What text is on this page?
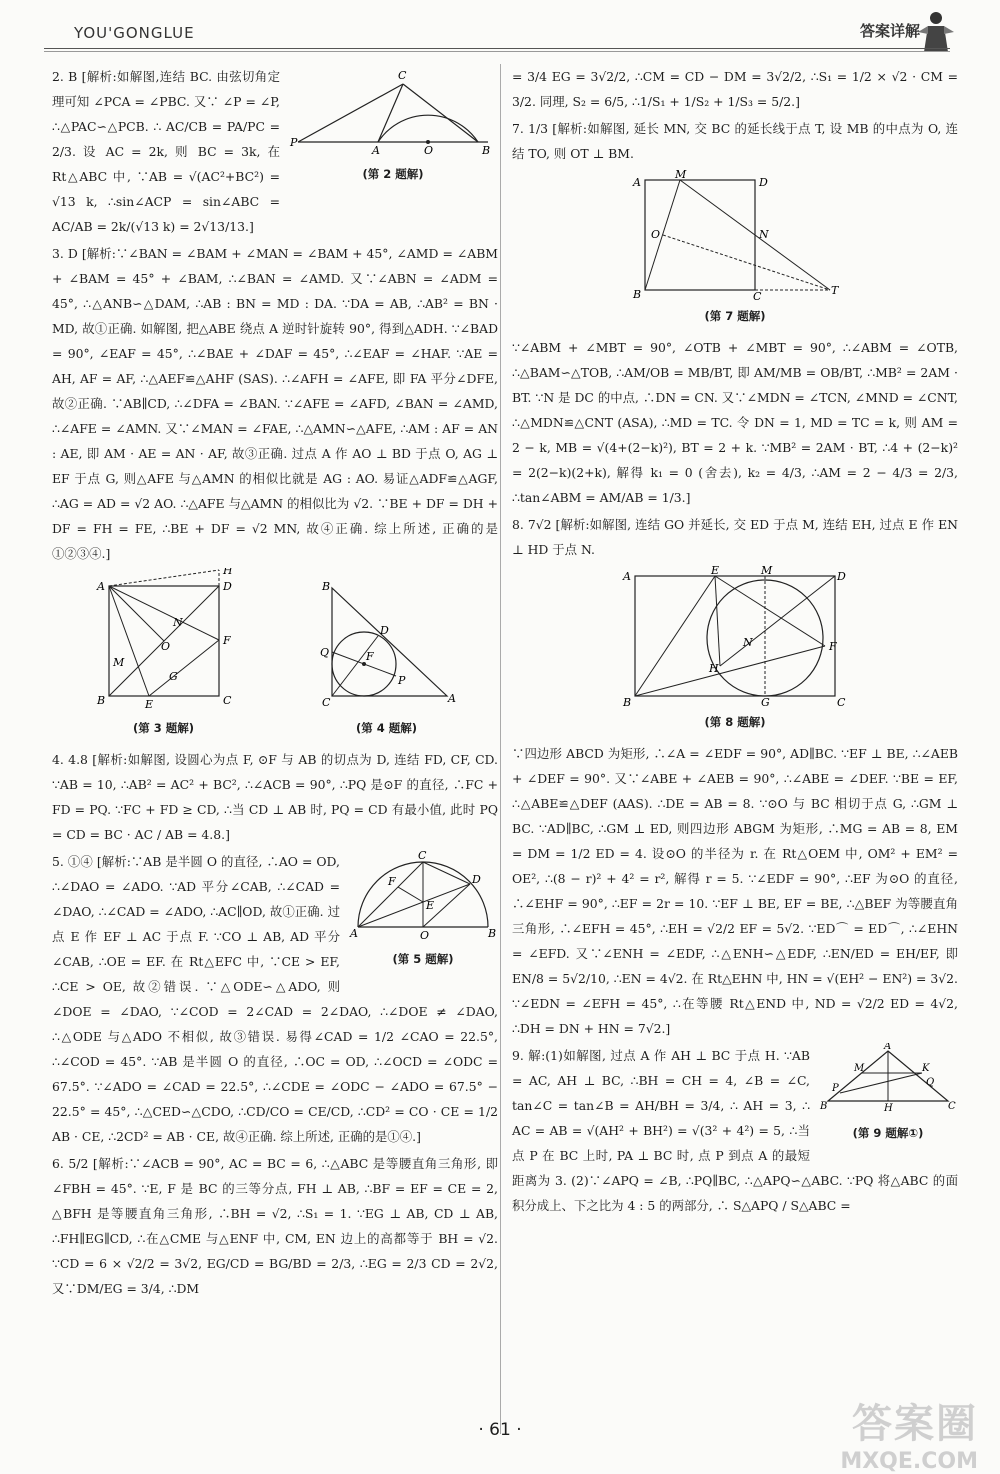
YOU'GONGLUE	答案详解
P
A	O	B
C
(第 2 题解)

2. B [解析:如解图,连结 BC. 由弦切角定理可知 ∠PCA = ∠PBC. 又∵ ∠P = ∠P, ∴△PAC∽△PCB. ∴ AC/CB = PA/PC = 2/3. 设 AC = 2k, 则 BC = 3k, 在 Rt△ABC 中, ∵AB = √(AC²+BC²) = √13 k, ∴sin∠ACP = sin∠ABC = AC/AB = 2k/(√13 k) = 2√13/13.]

3. D [解析:∵∠BAN = ∠BAM + ∠MAN = ∠BAM + 45°, ∠AMD = ∠ABM + ∠BAM = 45° + ∠BAM, ∴∠BAN = ∠AMD. 又∵∠ABN = ∠ADM = 45°, ∴△ANB∽△DAM, ∴AB : BN = MD : DA. ∵DA = AB, ∴AB² = BN · MD, 故①正确. 如解图, 把△ABE 绕点 A 逆时针旋转 90°, 得到△ADH. ∵∠BAD = 90°, ∠EAF = 45°, ∴∠BAE + ∠DAF = 45°, ∴∠EAF = ∠HAF. ∵AE = AH, AF = AF, ∴△AEF≌△AHF (SAS). ∴∠AFH = ∠AFE, 即 FA 平分∠DFE, 故②正确. ∵AB∥CD, ∴∠DFA = ∠BAN. ∵∠AFE = ∠AFD, ∠BAN = ∠AMD, ∴∠AFE = ∠AMN. 又∵∠MAN = ∠FAE, ∴△AMN∽△AFE, ∴AM : AF = AN : AE, 即 AM · AE = AN · AF, 故③正确. 过点 A 作 AO ⊥ BD 于点 O, AG ⊥ EF 于点 G, 则△AFE 与△AMN 的相似比就是 AG : AO. 易证△ADF≌△AGF, ∴AG = AD = √2 AO. ∴△AFE 与△AMN 的相似比为 √2. ∵BE + DF = DH + DF = FH = FE, ∴BE + DF = √2 MN, 故④正确. 综上所述, 正确的是①②③④.]

A	D
B	C
E
F
H
M
N
O
G
(第 3 题解)
B
Q
C	A
D
F
P
(第 4 题解)

4. 4.8 [解析:如解图, 设圆心为点 F, ⊙F 与 AB 的切点为 D, 连结 FD, CF, CD. ∵AB = 10, ∴AB² = AC² + BC², ∴∠ACB = 90°, ∴PQ 是⊙F 的直径, ∴FC + FD = PQ. ∵FC + FD ≥ CD, ∴当 CD ⊥ AB 时, PQ = CD 有最小值, 此时 PQ = CD = BC · AC / AB = 4.8.]

A	B
C
D
E
F
O
(第 5 题解)

5. ①④ [解析:∵AB 是半圆 O 的直径, ∴AO = OD, ∴∠DAO = ∠ADO. ∵AD 平分∠CAB, ∴∠CAD = ∠DAO, ∴∠CAD = ∠ADO, ∴AC∥OD, 故①正确. 过点 E 作 EF ⊥ AC 于点 F. ∵CO ⊥ AB, AD 平分∠CAB, ∴OE = EF. 在 Rt△EFC 中, ∵CE > EF, ∴CE > OE, 故②错误. ∵△ODE∽△ADO, 则∠DOE = ∠DAO, ∵∠COD = 2∠CAD = 2∠DAO, ∴∠DOE ≠ ∠DAO, ∴△ODE 与△ADO 不相似, 故③错误. 易得∠CAD = 1/2 ∠CAO = 22.5°, ∴∠COD = 45°. ∵AB 是半圆 O 的直径, ∴OC = OD, ∴∠OCD = ∠ODC = 67.5°. ∵∠ADO = ∠CAD = 22.5°, ∴∠CDE = ∠ODC − ∠ADO = 67.5° − 22.5° = 45°, ∴△CED∽△CDO, ∴CD/CO = CE/CD, ∴CD² = CO · CE = 1/2 AB · CE, ∴2CD² = AB · CE, 故④正确. 综上所述, 正确的是①④.]

6. 5/2 [解析:∵∠ACB = 90°, AC = BC = 6, ∴△ABC 是等腰直角三角形, 即∠FBH = 45°. ∵E, F 是 BC 的三等分点, FH ⊥ AB, ∴BF = EF = CE = 2, △BFH 是等腰直角三角形, ∴BH = √2, ∴S₁ = 1. ∵EG ⊥ AB, CD ⊥ AB, ∴FH∥EG∥CD, ∴在△CME 与△ENF 中, CM, EN 边上的高都等于 BH = √2. ∵CD = 6 × √2/2 = 3√2, EG/CD = BG/BD = 2/3, ∴EG = 2/3 CD = 2√2, 又∵DM/EG = 3/4, ∴DM

= 3/4 EG = 3√2/2, ∴CM = CD − DM = 3√2/2, ∴S₁ = 1/2 × √2 · CM = 3/2. 同理, S₂ = 6/5, ∴1/S₁ + 1/S₂ + 1/S₃ = 5/2.]

7. 1/3 [解析:如解图, 延长 MN, 交 BC 的延长线于点 T, 设 MB 的中点为 O, 连结 TO, 则 OT ⊥ BM.

A
M
D
N
O
B	C	T
(第 7 题解)

∵∠ABM + ∠MBT = 90°, ∠OTB + ∠MBT = 90°, ∴∠ABM = ∠OTB, ∴△BAM∽△TOB, ∴AM/OB = MB/BT, 即 AM/MB = OB/BT, ∴MB² = 2AM · BT. ∵N 是 DC 的中点, ∴DN = CN. 又∵∠MDN = ∠TCN, ∠MND = ∠CNT, ∴△MDN≌△CNT (ASA), ∴MD = TC. 令 DN = 1, MD = TC = k, 则 AM = 2 − k, MB = √(4+(2−k)²), BT = 2 + k. ∵MB² = 2AM · BT, ∴4 + (2−k)² = 2(2−k)(2+k), 解得 k₁ = 0 (舍去), k₂ = 4/3, ∴AM = 2 − 4/3 = 2/3, ∴tan∠ABM = AM/AB = 1/3.]

8. 7√2 [解析:如解图, 连结 GO 并延长, 交 ED 于点 M, 连结 EH, 过点 E 作 EN ⊥ HD 于点 N.

A	E	M	D
F
H
N
G
B	C
(第 8 题解)

∵四边形 ABCD 为矩形, ∴∠A = ∠EDF = 90°, AD∥BC. ∵EF ⊥ BE, ∴∠AEB + ∠DEF = 90°. 又∵∠ABE + ∠AEB = 90°, ∴∠ABE = ∠DEF. ∵BE = EF, ∴△ABE≌△DEF (AAS). ∴DE = AB = 8. ∵⊙O 与 BC 相切于点 G, ∴GM ⊥ BC. ∵AD∥BC, ∴GM ⊥ ED, 则四边形 ABGM 为矩形, ∴MG = AB = 8, EM = DM = 1/2 ED = 4. 设⊙O 的半径为 r. 在 Rt△OEM 中, OM² + EM² = OE², ∴(8 − r)² + 4² = r², 解得 r = 5. ∵∠EDF = 90°, ∴EF 为⊙O 的直径, ∴∠EHF = 90°, ∴EF = 2r = 10. ∵EF ⊥ BE, EF = BE, ∴△BEF 为等腰直角三角形, ∴∠EFH = 45°, ∴EH = √2/2 EF = 5√2. ∵ED⌒ = ED⌒, ∴∠EHN = ∠EFD. 又∵∠ENH = ∠EDF, ∴△ENH∽△EDF, ∴EN/ED = EH/EF, 即 EN/8 = 5√2/10, ∴EN = 4√2. 在 Rt△EHN 中, HN = √(EH² − EN²) = 3√2. ∵∠EDN = ∠EFH = 45°, ∴在等腰 Rt△END 中, ND = √2/2 ED = 4√2, ∴DH = DN + HN = 7√2.]

A
B	C
H
M	K
Q
P
(第 9 题解①)

9. 解:(1)如解图, 过点 A 作 AH ⊥ BC 于点 H. ∵AB = AC, AH ⊥ BC, ∴BH = CH = 4, ∠B = ∠C, tan∠C = tan∠B = AH/BH = 3/4, ∴ AH = 3, ∴ AC = AB = √(AH² + BH²) = √(3² + 4²) = 5, ∴当点 P 在 BC 上时, PA ⊥ BC 时, 点 P 到点 A 的最短距离为 3. (2)∵∠APQ = ∠B, ∴PQ∥BC, ∴△APQ∽△ABC. ∵PQ 将△ABC 的面积分成上、下之比为 4 : 5 的两部分, ∴ S△APQ / S△ABC =

· 61 ·	答案圈
MXQE.COM
